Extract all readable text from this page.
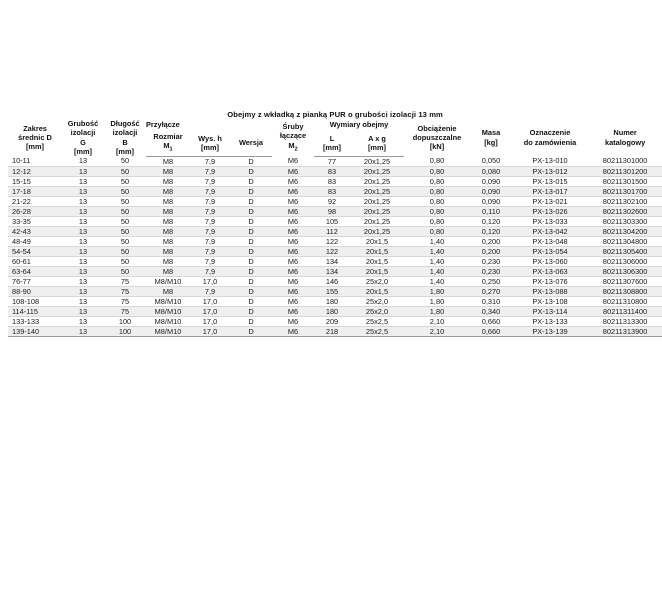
Obejmy z wkładką z pianką PUR o grubości izolacji 13 mm												
Zakres
średnic D
[mm]	Grubość
izolacji
G
[mm]	Długość
izolacji
B
[mm]	Przyłącze			Śruby
łączące
$M_2$	Wymiary obejmy		Obciążenie
dopuszczalne
[kN]	Masa
[kg]	Oznaczenie
do zamówienia	Numer
katalogowy
			Rozmiar
$M_1$	Wys. h
[mm]	Wersja		L
[mm]	A x g
[mm]				
10-11	13	50	M8	7,9	D	M6	77	20x1,25	0,80	0,050	PX-13-010	80211301000
12-12	13	50	M8	7,9	D	M6	83	20x1,25	0,80	0,080	PX-13-012	80211301200
15-15	13	50	M8	7,9	D	M6	83	20x1,25	0,80	0,090	PX-13-015	80211301500
17-18	13	50	M8	7,9	D	M6	83	20x1,25	0,80	0,090	PX-13-017	80211301700
21-22	13	50	M8	7,9	D	M6	92	20x1,25	0,80	0,090	PX-13-021	80211302100
26-28	13	50	M8	7,9	D	M6	98	20x1,25	0,80	0,110	PX-13-026	80211302600
33-35	13	50	M8	7,9	D	M6	105	20x1,25	0,80	0,120	PX-13-033	80211303300
42-43	13	50	M8	7,9	D	M6	112	20x1,25	0,80	0,120	PX-13-042	80211304200
48-49	13	50	M8	7,9	D	M6	122	20x1,5	1,40	0,200	PX-13-048	80211304800
54-54	13	50	M8	7,9	D	M6	122	20x1,5	1,40	0,200	PX-13-054	80211305400
60-61	13	50	M8	7,9	D	M6	134	20x1,5	1,40	0,230	PX-13-060	80211306000
63-64	13	50	M8	7,9	D	M6	134	20x1,5	1,40	0,230	PX-13-063	80211306300
76-77	13	75	M8/M10	17,0	D	M6	146	25x2,0	1,40	0,250	PX-13-076	80211307600
88-90	13	75	M8	7,9	D	M6	155	20x1,5	1,80	0,270	PX-13-088	80211308800
108-108	13	75	M8/M10	17,0	D	M6	180	25x2,0	1,80	0,310	PX-13-108	80211310800
114-115	13	75	M8/M10	17,0	D	M6	180	25x2,0	1,80	0,340	PX-13-114	80211311400
133-133	13	100	M8/M10	17,0	D	M6	209	25x2,5	2,10	0,660	PX-13-133	80211313300
139-140	13	100	M8/M10	17,0	D	M6	218	25x2,5	2,10	0,660	PX-13-139	80211313900
